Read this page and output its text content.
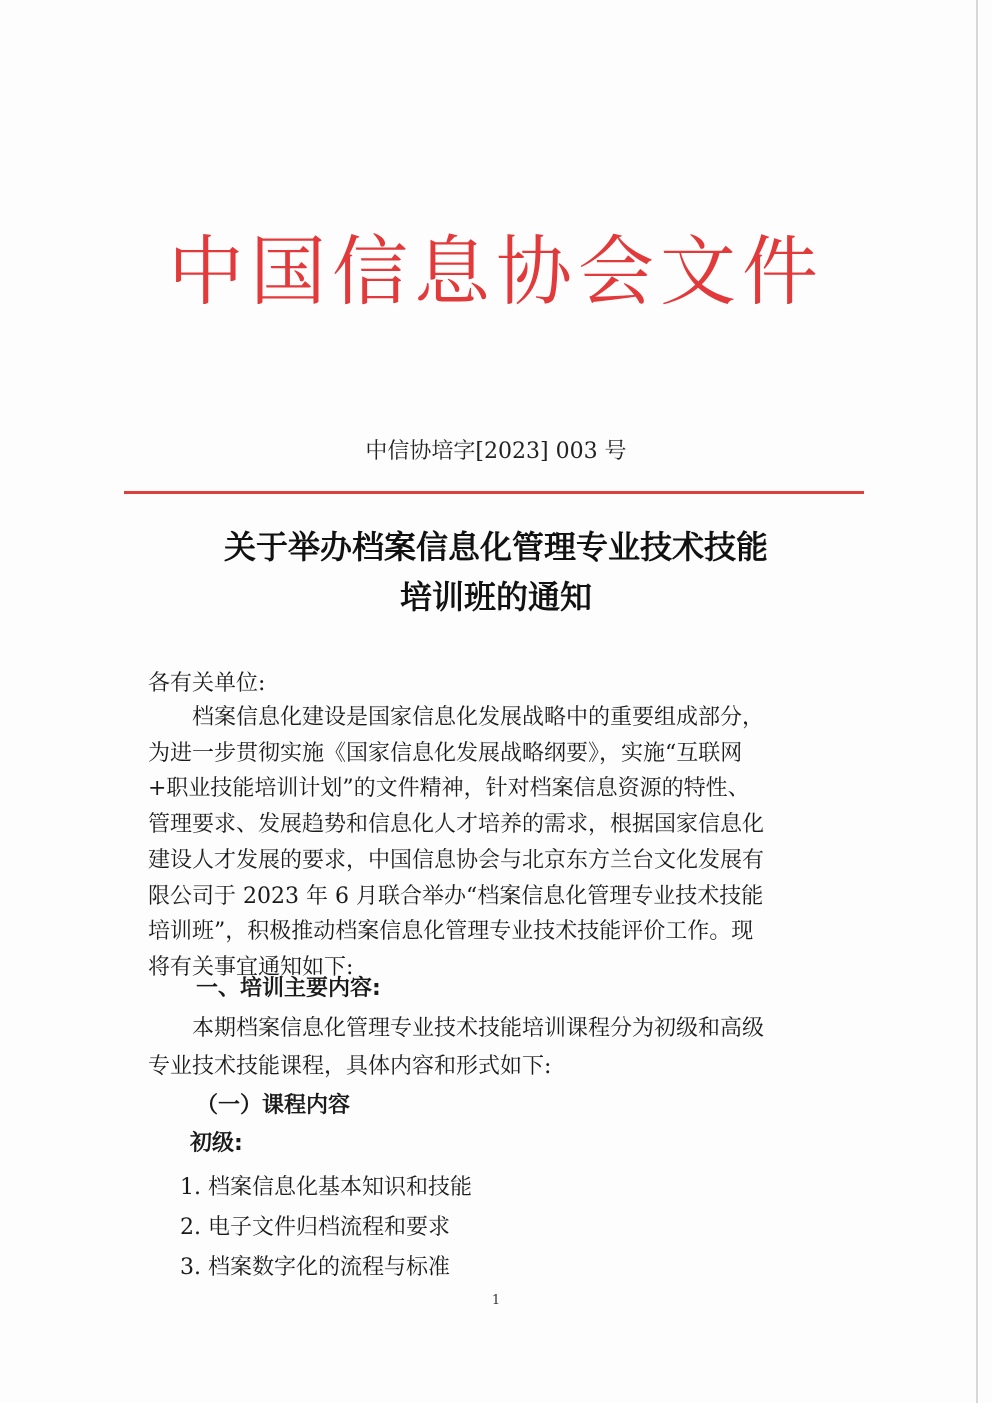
中国信息协会文件
中信协培字[2023] 003 号
关于举办档案信息化管理专业技术技能
培训班的通知
各有关单位:
　　档案信息化建设是国家信息化发展战略中的重要组成部分，
为进一步贯彻实施《国家信息化发展战略纲要》，实施“互联网
+职业技能培训计划”的文件精神，针对档案信息资源的特性、
管理要求、发展趋势和信息化人才培养的需求，根据国家信息化
建设人才发展的要求，中国信息协会与北京东方兰台文化发展有
限公司于 2023 年 6 月联合举办“档案信息化管理专业技术技能
培训班”，积极推动档案信息化管理专业技术技能评价工作。现
将有关事宜通知如下:
一、培训主要内容:
　　本期档案信息化管理专业技术技能培训课程分为初级和高级
专业技术技能课程，具体内容和形式如下:
（一）课程内容
初级:
1. 档案信息化基本知识和技能
2. 电子文件归档流程和要求
3. 档案数字化的流程与标准
1
